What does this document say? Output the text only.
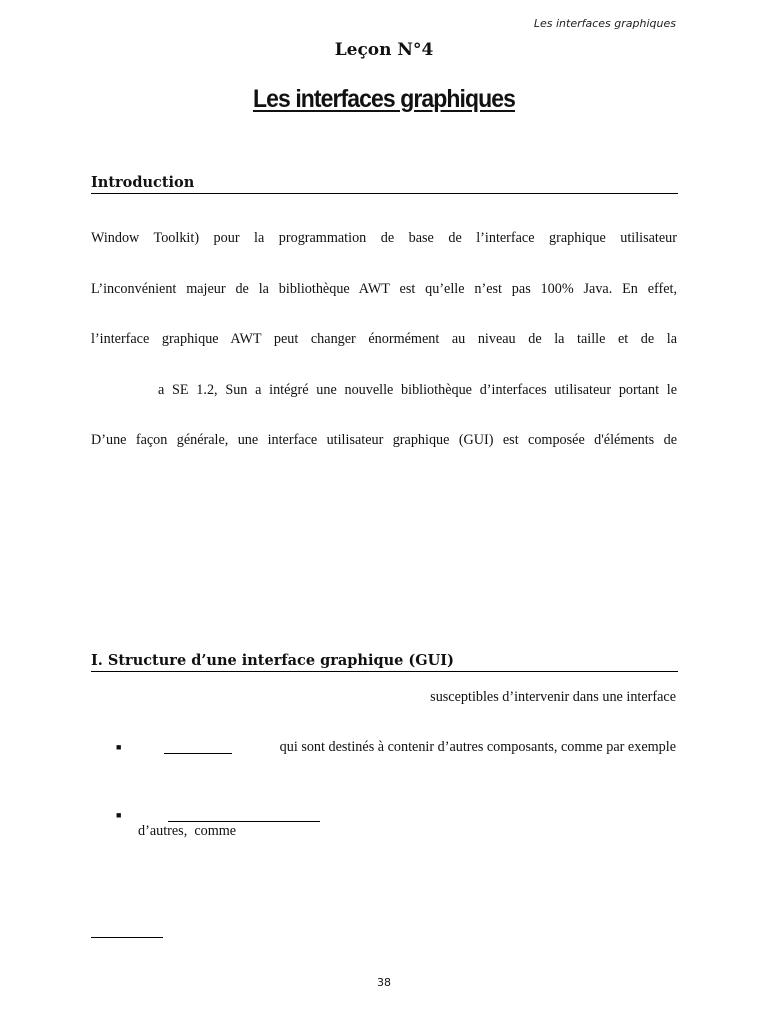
Les interfaces graphiques
Leçon N°4
Les interfaces graphiques
Introduction
Window Toolkit) pour la programmation de base de l’interface graphique utilisateur
L’inconvénient majeur de la bibliothèque AWT est qu’elle n’est pas 100% Java. En effet,
l’interface graphique AWT peut changer énormément au niveau de la taille et de la
a SE 1.2, Sun a intégré une nouvelle bibliothèque d’interfaces utilisateur portant le
D’une façon générale, une interface utilisateur graphique (GUI) est composée d'éléments de
I. Structure d’une interface graphique (GUI)
susceptibles d’intervenir dans une interface
■	qui sont destinés à contenir d’autres composants, comme par exemple
■
d’autres,  comme
38
